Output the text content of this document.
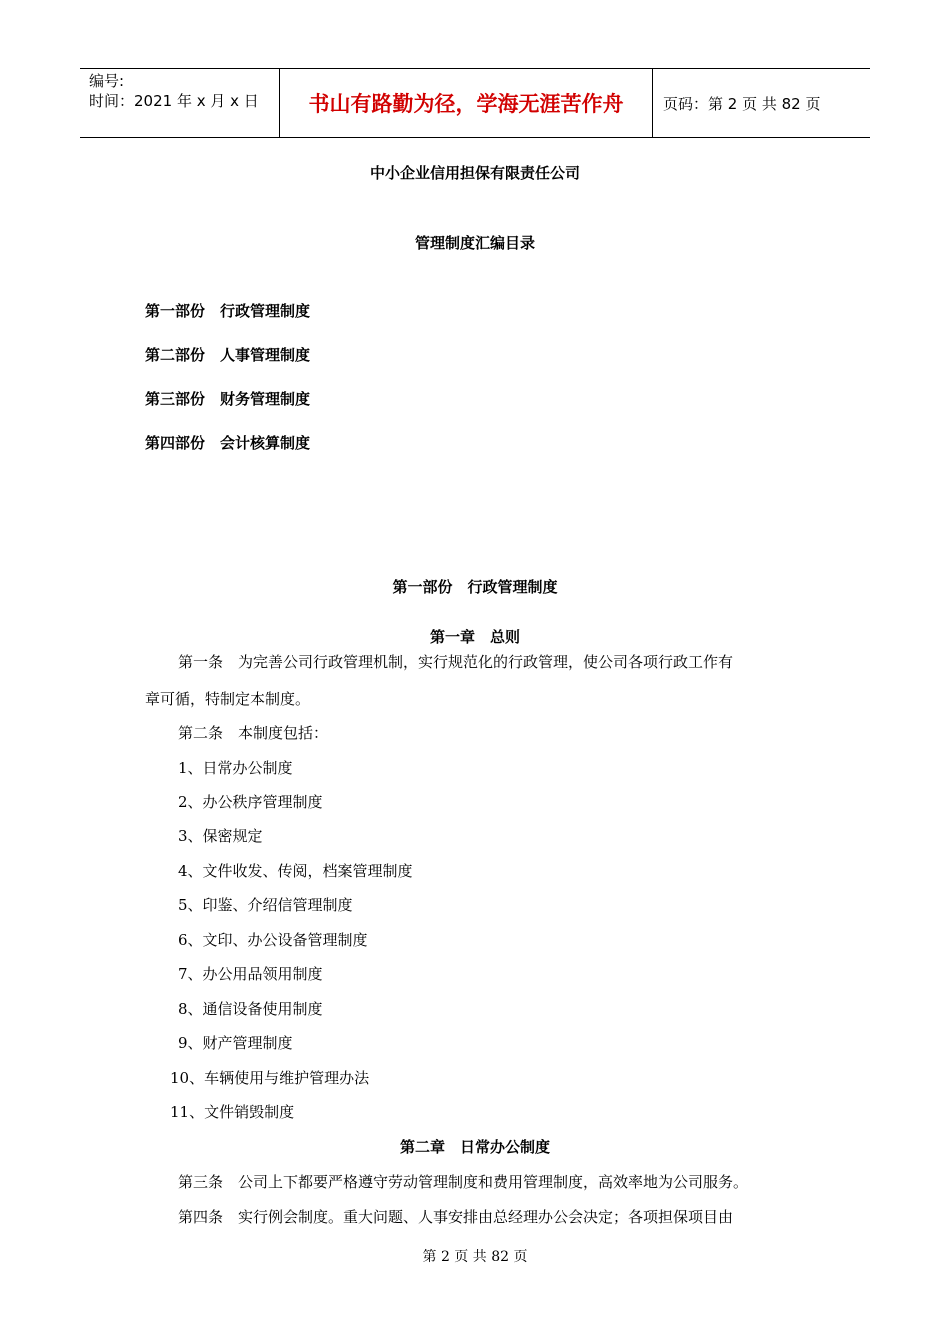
编号:
时间：2021 年 x 月 x 日	书山有路勤为径，学海无涯苦作舟	页码：第 2 页 共 82 页
中小企业信用担保有限责任公司
管理制度汇编目录
第一部份　行政管理制度
第二部份　人事管理制度
第三部份　财务管理制度
第四部份　会计核算制度
第一部份　行政管理制度
第一章　总则
第一条　为完善公司行政管理机制，实行规范化的行政管理，使公司各项行政工作有
章可循，特制定本制度。
第二条　本制度包括：
1、日常办公制度
2、办公秩序管理制度
3、保密规定
4、文件收发、传阅，档案管理制度
5、印鉴、介绍信管理制度
6、文印、办公设备管理制度
7、办公用品领用制度
8、通信设备使用制度
9、财产管理制度
10、车辆使用与维护管理办法
11、文件销毁制度
第二章　日常办公制度
第三条　公司上下都要严格遵守劳动管理制度和费用管理制度，高效率地为公司服务。
第四条　实行例会制度。重大问题、人事安排由总经理办公会决定；各项担保项目由
第 2 页 共 82 页
